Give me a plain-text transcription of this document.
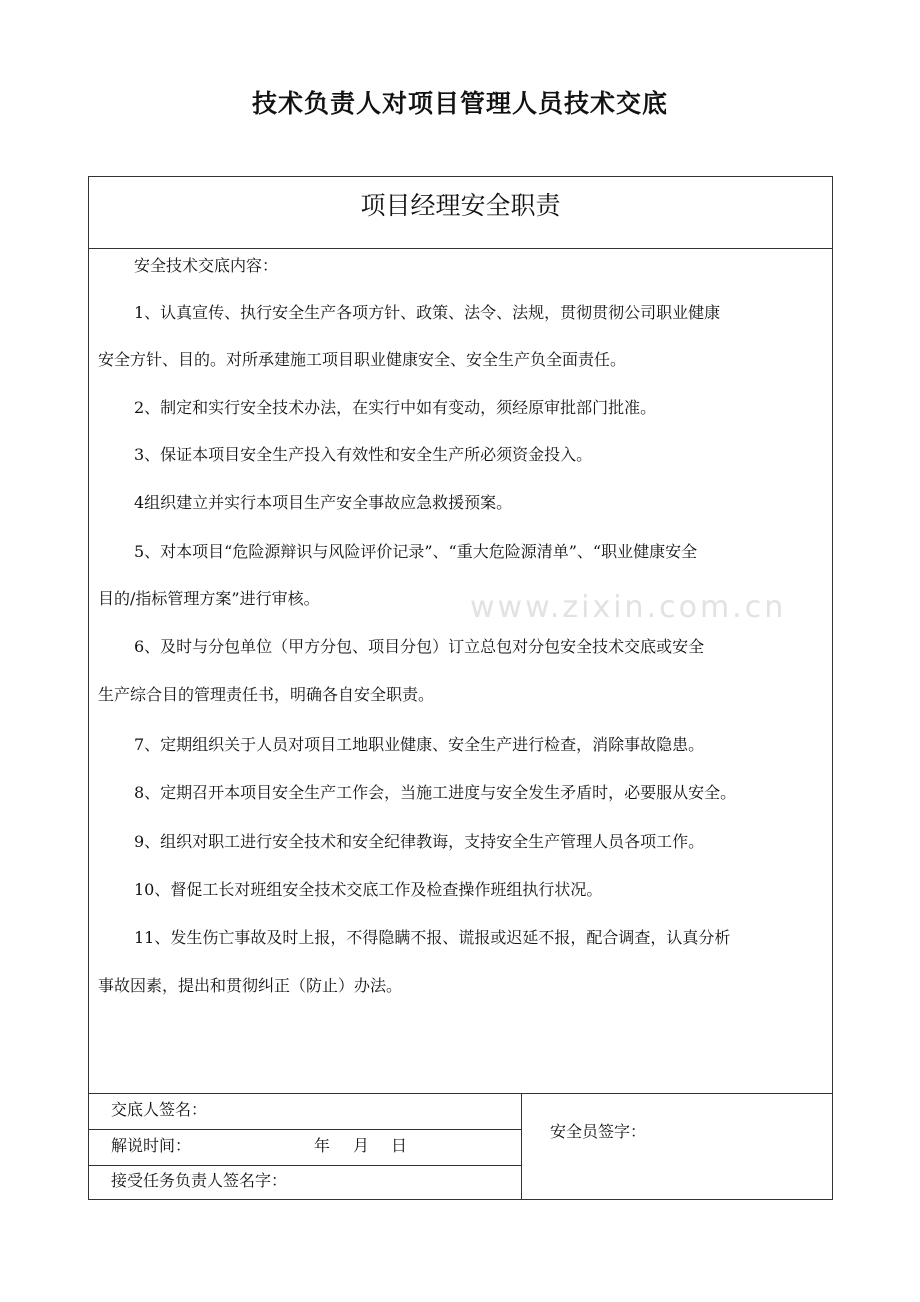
www.zixin.com.cn
技术负责人对项目管理人员技术交底
项目经理安全职责
安全技术交底内容：
1、认真宣传、执行安全生产各项方针、政策、法令、法规，贯彻贯彻公司职业健康
安全方针、目的。对所承建施工项目职业健康安全、安全生产负全面责任。
2、制定和实行安全技术办法，在实行中如有变动，须经原审批部门批准。
3、保证本项目安全生产投入有效性和安全生产所必须资金投入。
4组织建立并实行本项目生产安全事故应急救援预案。
5、对本项目“危险源辩识与风险评价记录”、“重大危险源清单”、“职业健康安全
目的/指标管理方案”进行审核。
6、及时与分包单位（甲方分包、项目分包）订立总包对分包安全技术交底或安全
生产综合目的管理责任书，明确各自安全职责。
7、定期组织关于人员对项目工地职业健康、安全生产进行检查，消除事故隐患。
8、定期召开本项目安全生产工作会，当施工进度与安全发生矛盾时，必要服从安全。
9、组织对职工进行安全技术和安全纪律教诲，支持安全生产管理人员各项工作。
10、督促工长对班组安全技术交底工作及检查操作班组执行状况。
11、发生伤亡事故及时上报，不得隐瞒不报、谎报或迟延不报，配合调查，认真分析
事故因素，提出和贯彻纠正（防止）办法。
交底人签名：
解说时间：	年 月 日
接受任务负责人签名字：
安全员签字：
